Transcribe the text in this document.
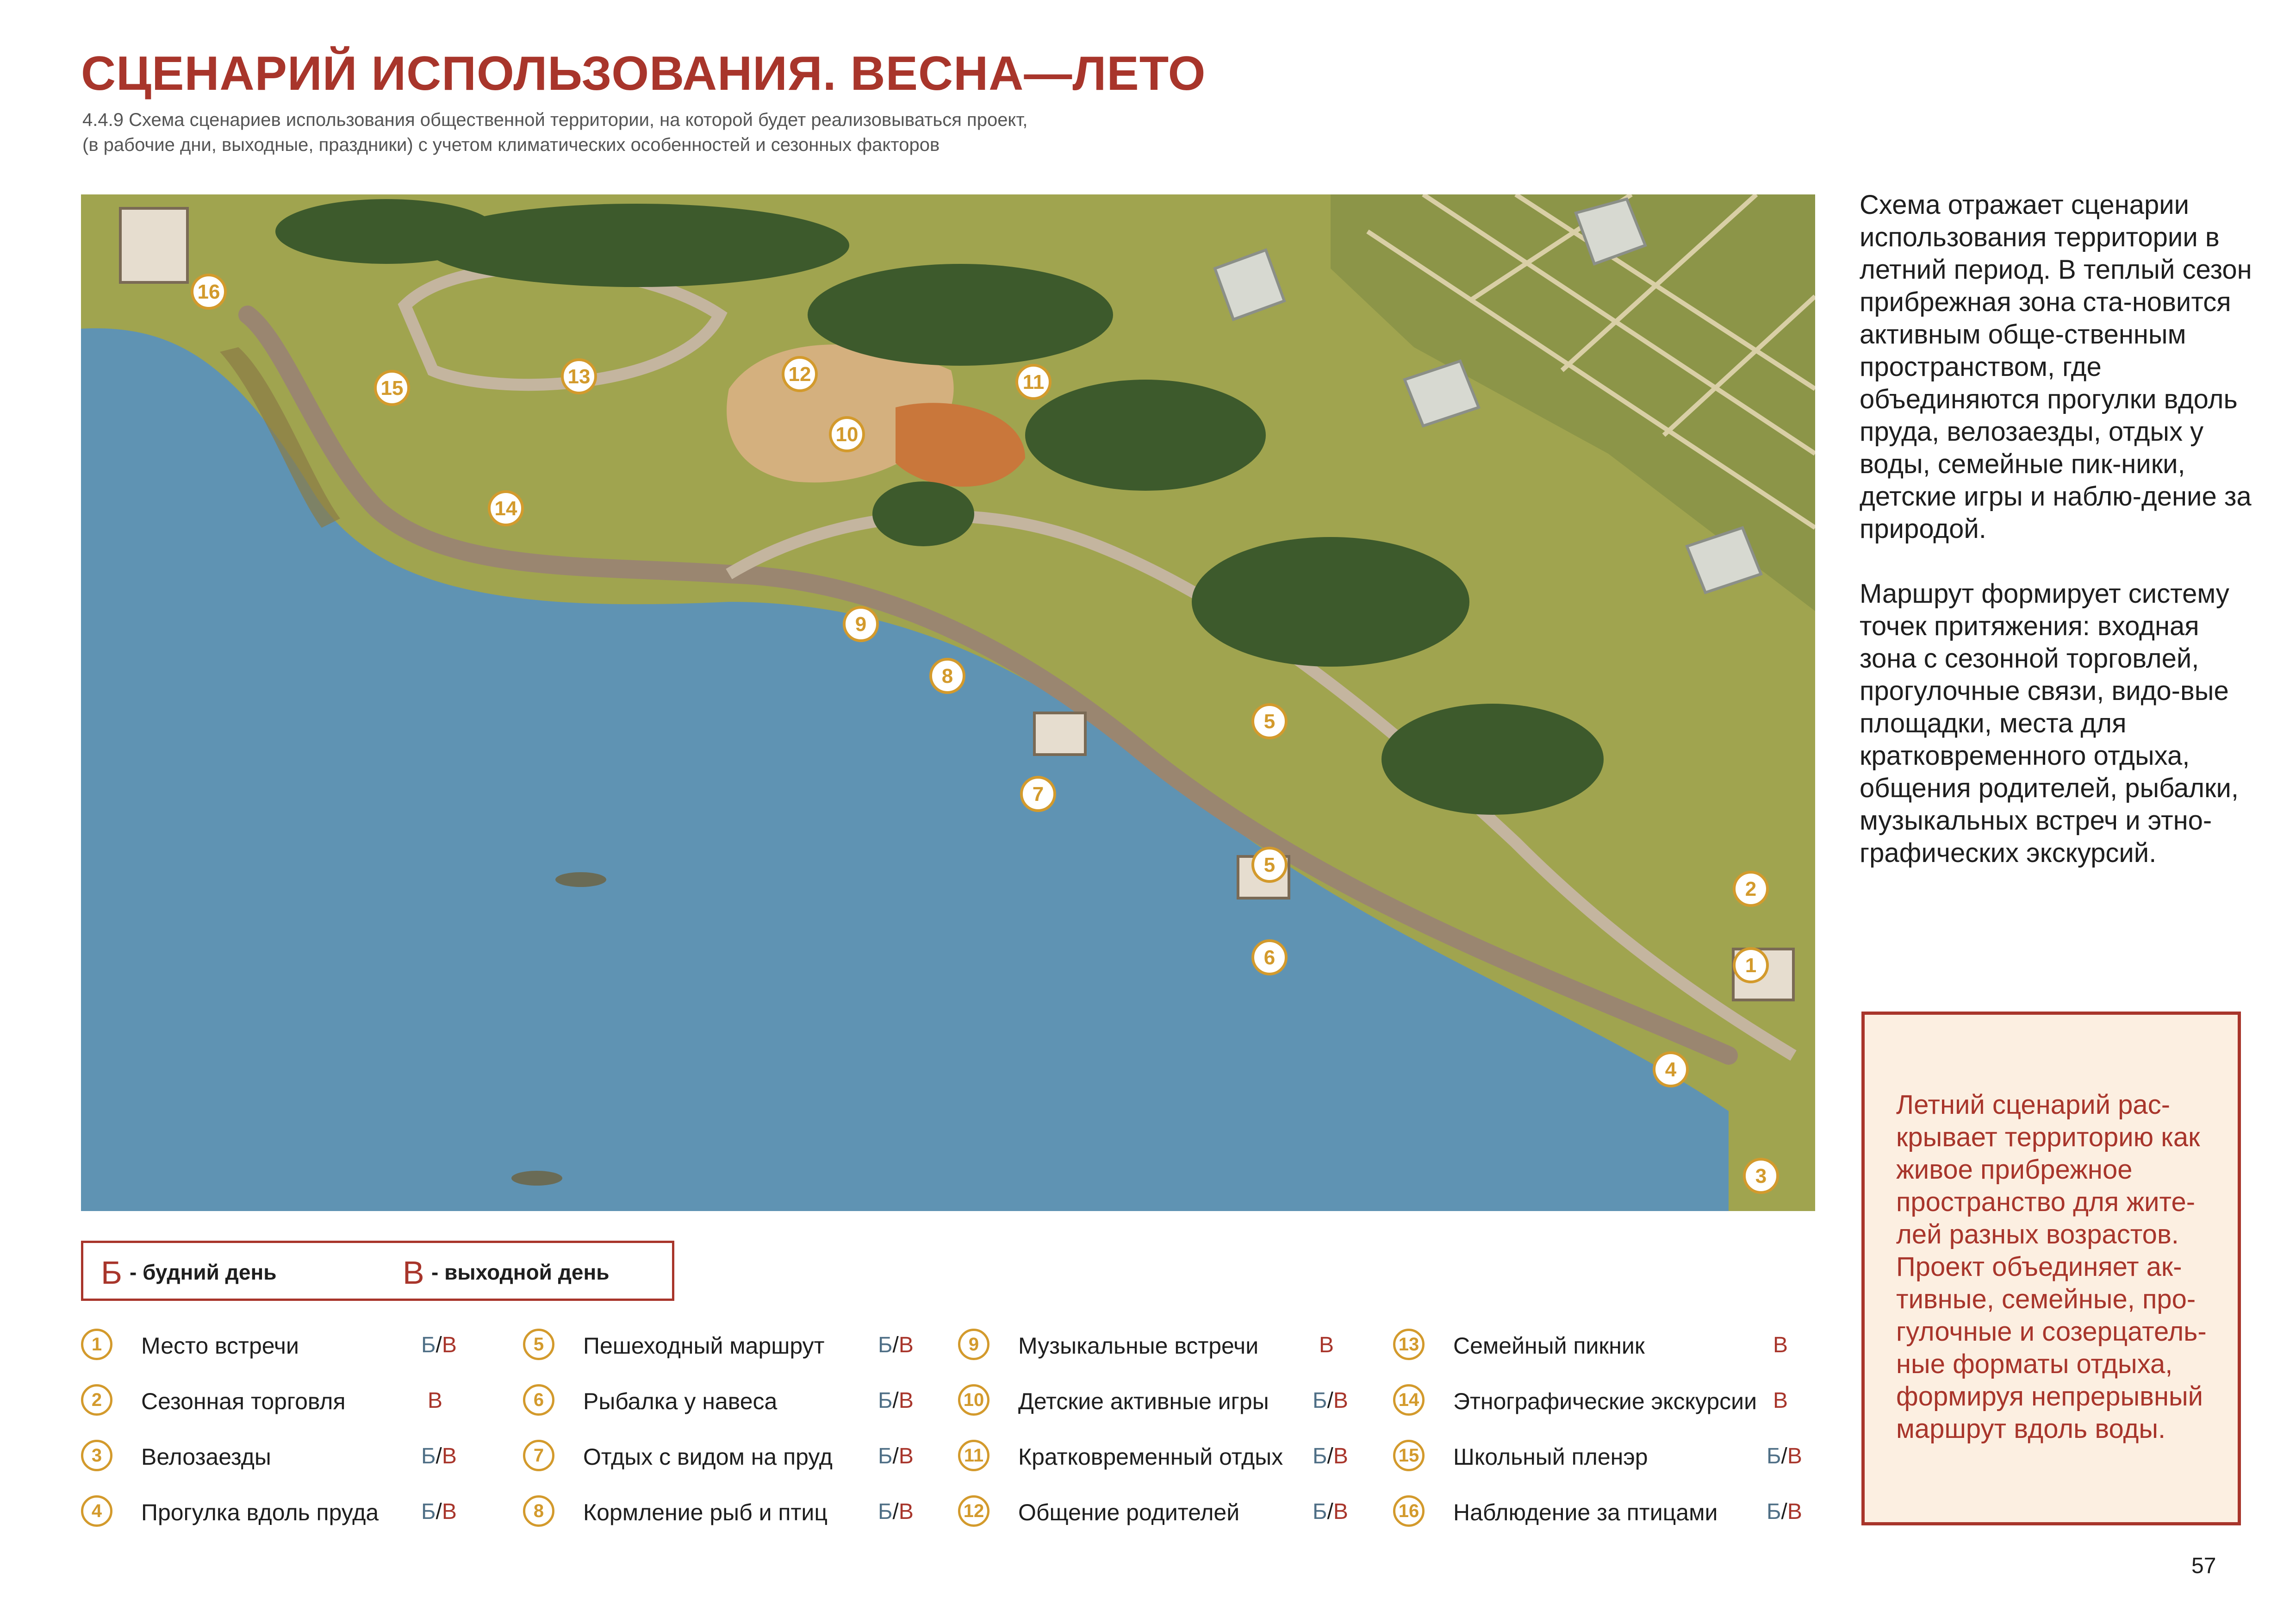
СЦЕНАРИЙ ИСПОЛЬЗОВАНИЯ. ВЕСНА—ЛЕТО
4.4.9 Схема сценариев использования общественной территории, на которой будет реализовываться проект,
(в рабочие дни, выходные, праздники) с учетом климатических особенностей и сезонных факторов
1
2
3
4
5
5
6
7
8
9
10
11
12
13
14
15
16

Схема отражает сценарии использования территории в летний период. В теплый сезон прибрежная зона ста-новится активным обще-ственным пространством, где объединяются прогулки вдоль пруда, велозаезды, отдых у воды, семейные пик-ники, детские игры и наблю-дение за природой.

Маршрут формирует систему точек притяжения: входная зона с сезонной торговлей, прогулочные связи, видо-вые площадки, места для кратковременного отдыха, общения родителей, рыбалки, музыкальных встреч и этно-графических экскурсий.

Летний сценарий рас-крывает территорию как живое прибрежное пространство для жите-лей разных возрастов. Проект объединяет ак-тивные, семейные, про-гулочные и созерцатель-ные форматы отдыха, формируя непрерывный маршрут вдоль воды.

Б - будний день	В - выходной день
1	Место встречи	Б/В
2	Сезонная торговля	В
3	Велозаезды	Б/В
4	Прогулка вдоль пруда Б/В
5	Пешеходный маршрут Б/В
6	Рыбалка у навеса	Б/В
7	Отдых с видом на пруд Б/В
8	Кормление рыб и птиц Б/В
9	Музыкальные встречи	В
10 Детские активные игры Б/В
11 Кратковременный отдых Б/В
12 Общение родителей	Б/В
13 Семейный пикник	В
14 Этнографические экскурсии В
15 Школьный пленэр	Б/В
16 Наблюдение за птицами Б/В
57
